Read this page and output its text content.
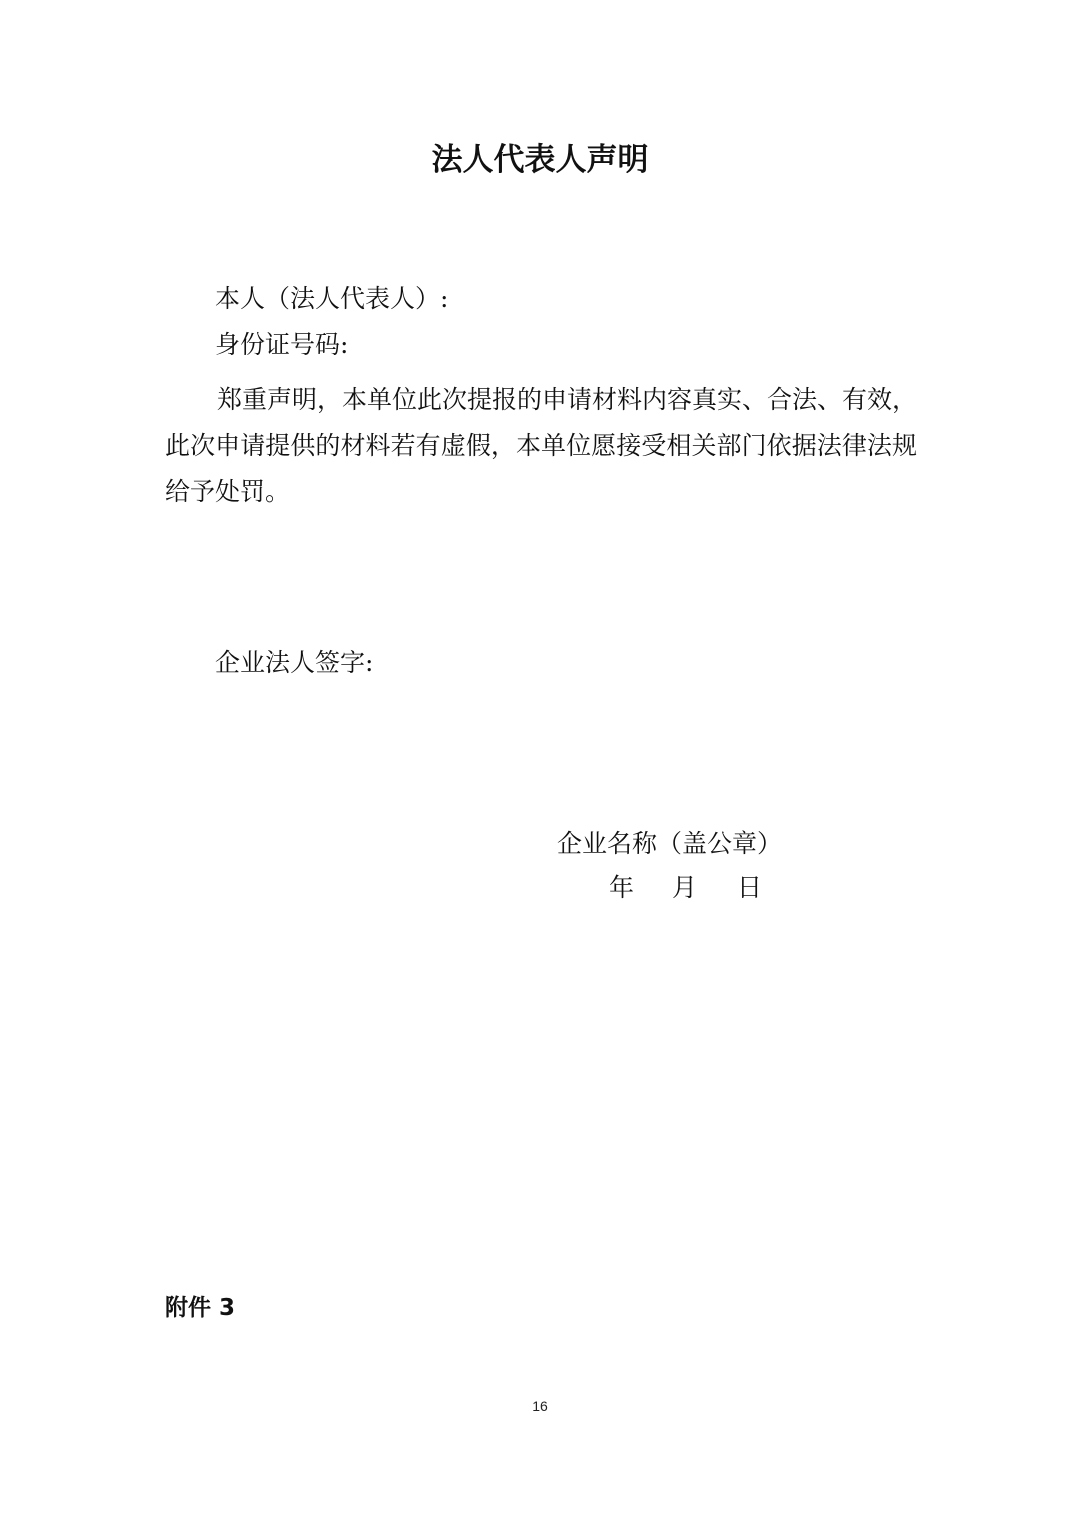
法人代表人声明
本人（法人代表人）:
身份证号码:
郑重声明，本单位此次提报的申请材料内容真实、合法、有效，此次申请提供的材料若有虚假，本单位愿接受相关部门依据法律法规给予处罚。
企业法人签字:
企业名称（盖公章）
年 月 日
附件 3
16
